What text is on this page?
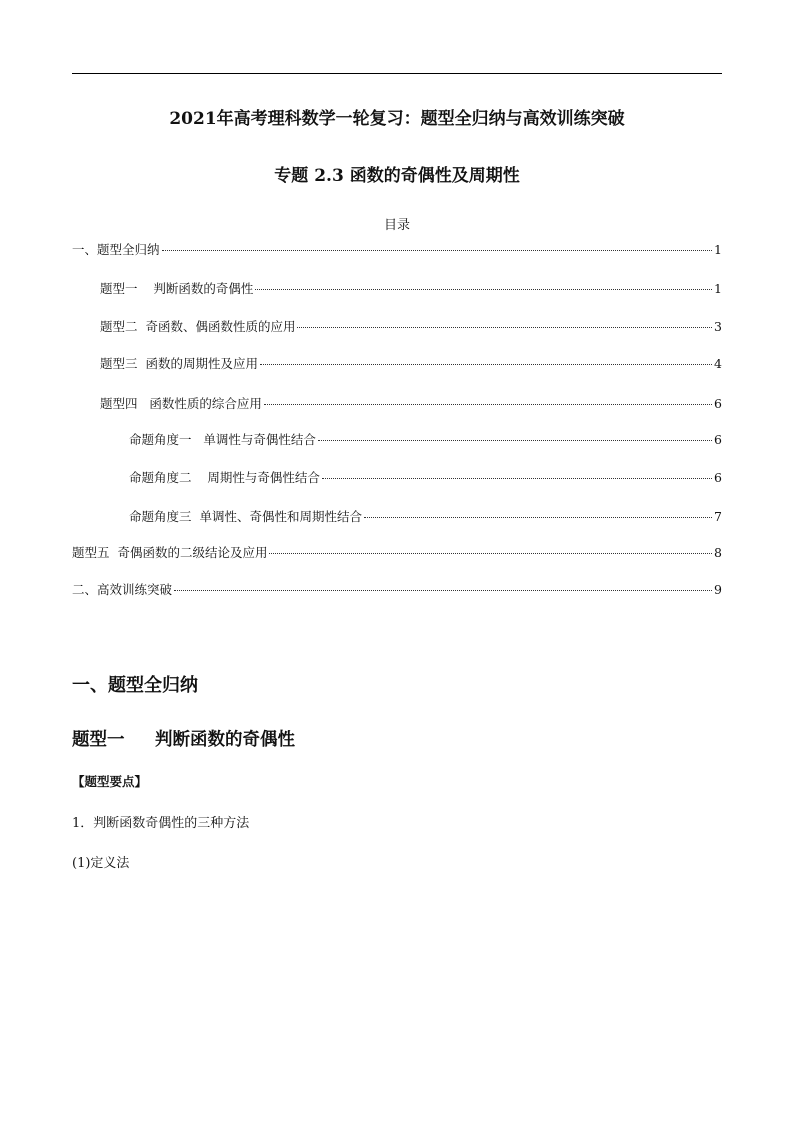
2021年高考理科数学一轮复习：题型全归纳与高效训练突破
专题 2.3 函数的奇偶性及周期性
目录
一、题型全归纳	1
题型一    判断函数的奇偶性	1
题型二  奇函数、偶函数性质的应用	3
题型三  函数的周期性及应用	4
题型四   函数性质的综合应用	6
命题角度一   单调性与奇偶性结合	6
命题角度二    周期性与奇偶性结合	6
命题角度三  单调性、奇偶性和周期性结合	7
题型五  奇偶函数的二级结论及应用	8
二、高效训练突破	9
一、题型全归纳
题型一     判断函数的奇偶性
【题型要点】
1．判断函数奇偶性的三种方法
(1)定义法
